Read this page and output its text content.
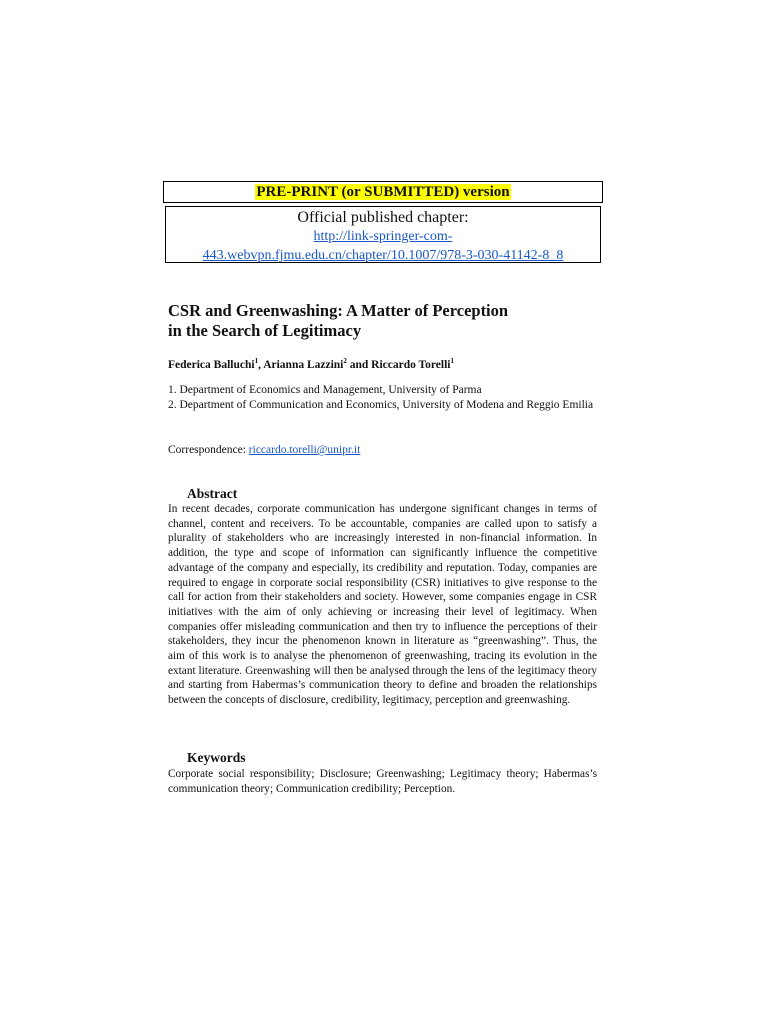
PRE-PRINT (or SUBMITTED) version
Official published chapter:
http://link-springer-com-
443.webvpn.fjmu.edu.cn/chapter/10.1007/978-3-030-41142-8_8
CSR and Greenwashing: A Matter of Perception
in the Search of Legitimacy
Federica Balluchi$^1$, Arianna Lazzini$^2$ and Riccardo Torelli$^1$
1. Department of Economics and Management, University of Parma
2. Department of Communication and Economics, University of Modena and Reggio Emilia
Correspondence: riccardo.torelli@unipr.it
Abstract
In recent decades, corporate communication has undergone significant changes in terms of channel, content and receivers. To be accountable, companies are called upon to satisfy a plurality of stakeholders who are increasingly interested in non-financial information. In addition, the type and scope of information can significantly influence the competitive advantage of the company and especially, its credibility and reputation. Today, companies are required to engage in corporate social responsibility (CSR) initiatives to give response to the call for action from their stakeholders and society. However, some companies engage in CSR initiatives with the aim of only achieving or increasing their level of legitimacy. When companies offer misleading communication and then try to influence the perceptions of their stakeholders, they incur the phenomenon known in literature as “greenwashing”. Thus, the aim of this work is to analyse the phenomenon of greenwashing, tracing its evolution in the extant literature. Greenwashing will then be analysed through the lens of the legitimacy theory and starting from Habermas’s communication theory to define and broaden the relationships between the concepts of disclosure, credibility, legitimacy, perception and greenwashing.
Keywords
Corporate social responsibility; Disclosure; Greenwashing; Legitimacy theory; Habermas’s communication theory; Communication credibility; Perception.
